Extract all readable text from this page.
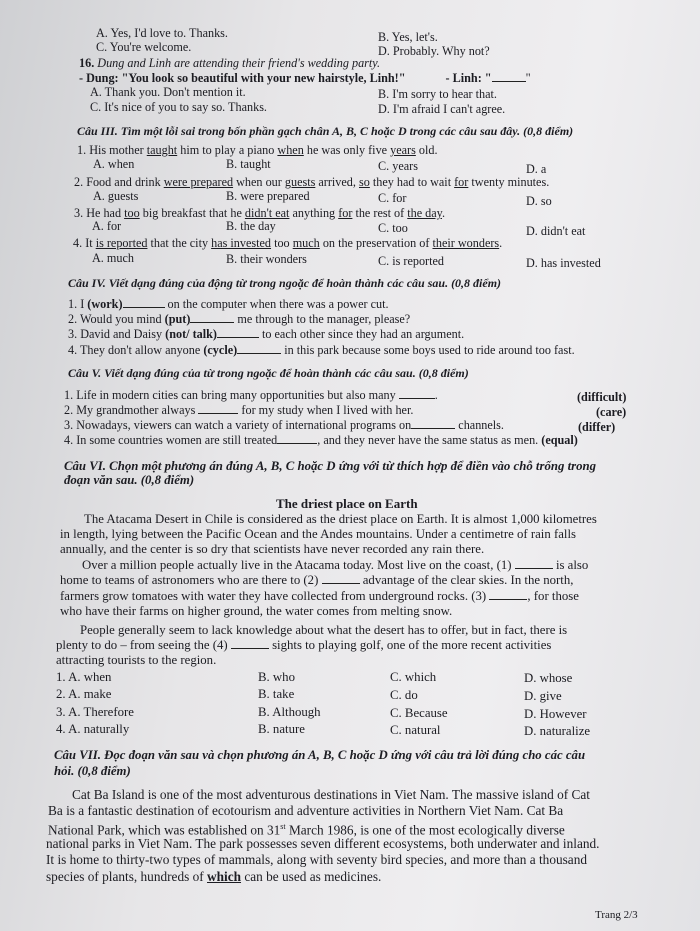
A. Yes, I'd love to. Thanks.	B. Yes, let's.
C. You're welcome.	D. Probably. Why not?
16. Dung and Linh are attending their friend's wedding party.
- Dung: "You look so beautiful with your new hairstyle, Linh!"	- Linh: "	"
A. Thank you. Don't mention it.	B. I'm sorry to hear that.
C. It's nice of you to say so. Thanks.	D. I'm afraid I can't agree.
Câu III. Tìm một lỗi sai trong bốn phần gạch chân A, B, C hoặc D trong các câu sau đây. (0,8 điểm)
1. His mother taught him to play a piano when he was only five years old.
A. when	B. taught	C. years	D. a
2. Food and drink were prepared when our guests arrived, so they had to wait for twenty minutes.
A. guests	B. were prepared	C. for	D. so
3. He had too big breakfast that he didn't eat anything for the rest of the day.
A. for	B. the day	C. too	D. didn't eat
4. It is reported that the city has invested too much on the preservation of their wonders.
A. much	B. their wonders	C. is reported	D. has invested
Câu IV. Viết dạng đúng của động từ trong ngoặc để hoàn thành các câu sau. (0,8 điểm)
1. I (work)	on the computer when there was a power cut.
2. Would you mind (put)	me through to the manager, please?
3. David and Daisy (not/ talk)	to each other since they had an argument.
4. They don't allow anyone (cycle)	in this park because some boys used to ride around too fast.
Câu V. Viết dạng đúng của từ trong ngoặc để hoàn thành các câu sau. (0,8 điểm)
1. Life in modern cities can bring many opportunities but also many	.	(difficult)
2. My grandmother always	for my study when I lived with her.	(care)
3. Nowadays, viewers can watch a variety of international programs on	channels.	(differ)
4. In some countries women are still treated	, and they never have the same status as men. (equal)
Câu VI. Chọn một phương án đúng A, B, C hoặc D ứng với từ thích hợp để điền vào chỗ trống trong
đoạn văn sau. (0,8 điểm)
The driest place on Earth
The Atacama Desert in Chile is considered as the driest place on Earth. It is almost 1,000 kilometres
in length, lying between the Pacific Ocean and the Andes mountains. Under a centimetre of rain falls
annually, and the center is so dry that scientists have never recorded any rain there.
Over a million people actually live in the Atacama today. Most live on the coast, (1)	is also
home to teams of astronomers who are there to (2)	advantage of the clear skies. In the north,
farmers grow tomatoes with water they have collected from underground rocks. (3)	, for those
who have their farms on higher ground, the water comes from melting snow.
People generally seem to lack knowledge about what the desert has to offer, but in fact, there is
plenty to do – from seeing the (4)	sights to playing golf, one of the more recent activities
attracting tourists to the region.
1. A. when	B. who	C. which	D. whose
2. A. make	B. take	C. do	D. give
3. A. Therefore	B. Although	C. Because	D. However
4. A. naturally	B. nature	C. natural	D. naturalize
Câu VII. Đọc đoạn văn sau và chọn phương án A, B, C hoặc D ứng với câu trả lời đúng cho các câu
hỏi. (0,8 điểm)
Cat Ba Island is one of the most adventurous destinations in Viet Nam. The massive island of Cat
Ba is a fantastic destination of ecotourism and adventure activities in Northern Viet Nam. Cat Ba
National Park, which was established on 31st March 1986, is one of the most ecologically diverse
national parks in Viet Nam. The park possesses seven different ecosystems, both underwater and inland.
It is home to thirty-two types of mammals, along with seventy bird species, and more than a thousand
species of plants, hundreds of which can be used as medicines.
Trang 2/3
